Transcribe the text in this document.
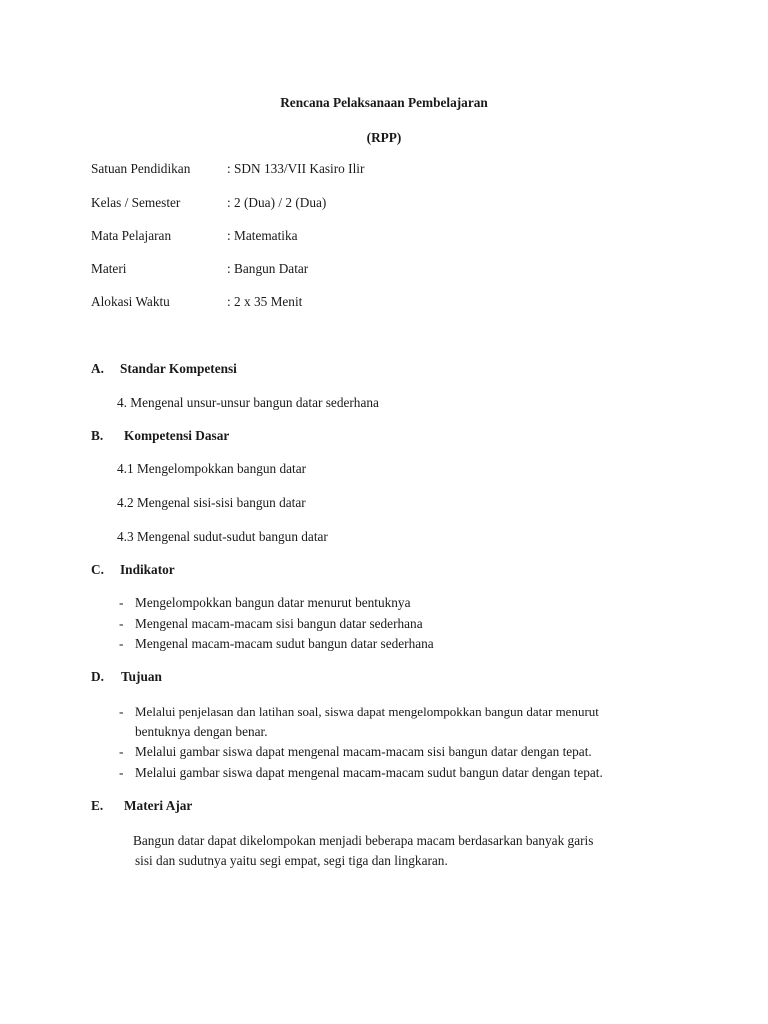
Rencana Pelaksanaan Pembelajaran
(RPP)
Satuan Pendidikan	: SDN 133/VII Kasiro Ilir
Kelas / Semester	: 2 (Dua) / 2 (Dua)
Mata Pelajaran	: Matematika
Materi	: Bangun Datar
Alokasi Waktu	: 2 x 35 Menit
A. Standar Kompetensi
4. Mengenal unsur-unsur bangun datar sederhana
B. Kompetensi Dasar
4.1 Mengelompokkan bangun datar
4.2 Mengenal sisi-sisi bangun datar
4.3 Mengenal sudut-sudut bangun datar
C. Indikator
- Mengelompokkan bangun datar menurut bentuknya
- Mengenal macam-macam sisi bangun datar sederhana
- Mengenal macam-macam sudut bangun datar sederhana
D. Tujuan
- Melalui penjelasan dan latihan soal, siswa dapat mengelompokkan bangun datar menurut
bentuknya dengan benar.
- Melalui gambar siswa dapat mengenal macam-macam sisi bangun datar dengan tepat.
- Melalui gambar siswa dapat mengenal macam-macam sudut bangun datar dengan tepat.
E. Materi Ajar
Bangun datar dapat dikelompokan menjadi beberapa macam berdasarkan banyak garis
sisi dan sudutnya yaitu segi empat, segi tiga dan lingkaran.
